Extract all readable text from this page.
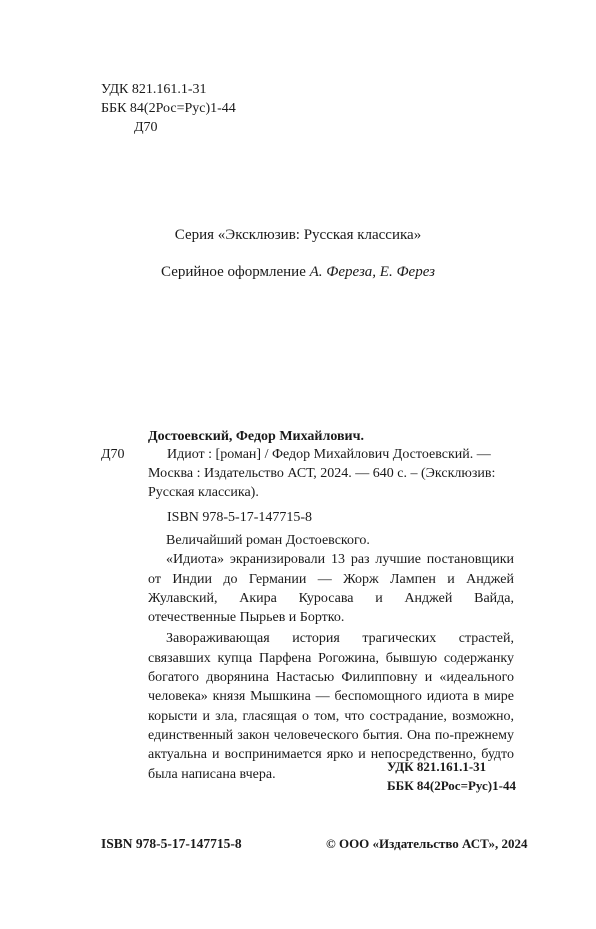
УДК 821.161.1-31
ББК 84(2Рос=Рус)1-44
Д70
Серия «Эксклюзив: Русская классика»
Серийное оформление А. Фереза, Е. Ферез
Достоевский, Федор Михайлович.
Д70	Идиот : [роман] / Федор Михайлович Достоевский. —
Москва : Издательство АСТ, 2024. — 640 с. – (Эксклюзив:
Русская классика).
ISBN 978-5-17-147715-8

Величайший роман Достоевского.

«Идиота» экранизировали 13 раз лучшие постановщики от Индии до Германии — Жорж Лампен и Анджей Жулавский, Акира Куросава и Анджей Вайда, отечественные Пырьев и Бортко.

Завораживающая история трагических страстей, связавших купца Парфена Рогожина, бывшую содержанку богатого дворянина Настасью Филипповну и «идеального человека» князя Мышкина — беспомощного идиота в мире корысти и зла, гласящая о том, что сострадание, возможно, единственный закон человеческого бытия. Она по-прежнему актуальна и воспринимается ярко и непосредственно, будто была написана вчера.

УДК 821.161.1-31
ББК 84(2Рос=Рус)1-44
ISBN 978-5-17-147715-8	© ООО «Издательство АСТ», 2024
